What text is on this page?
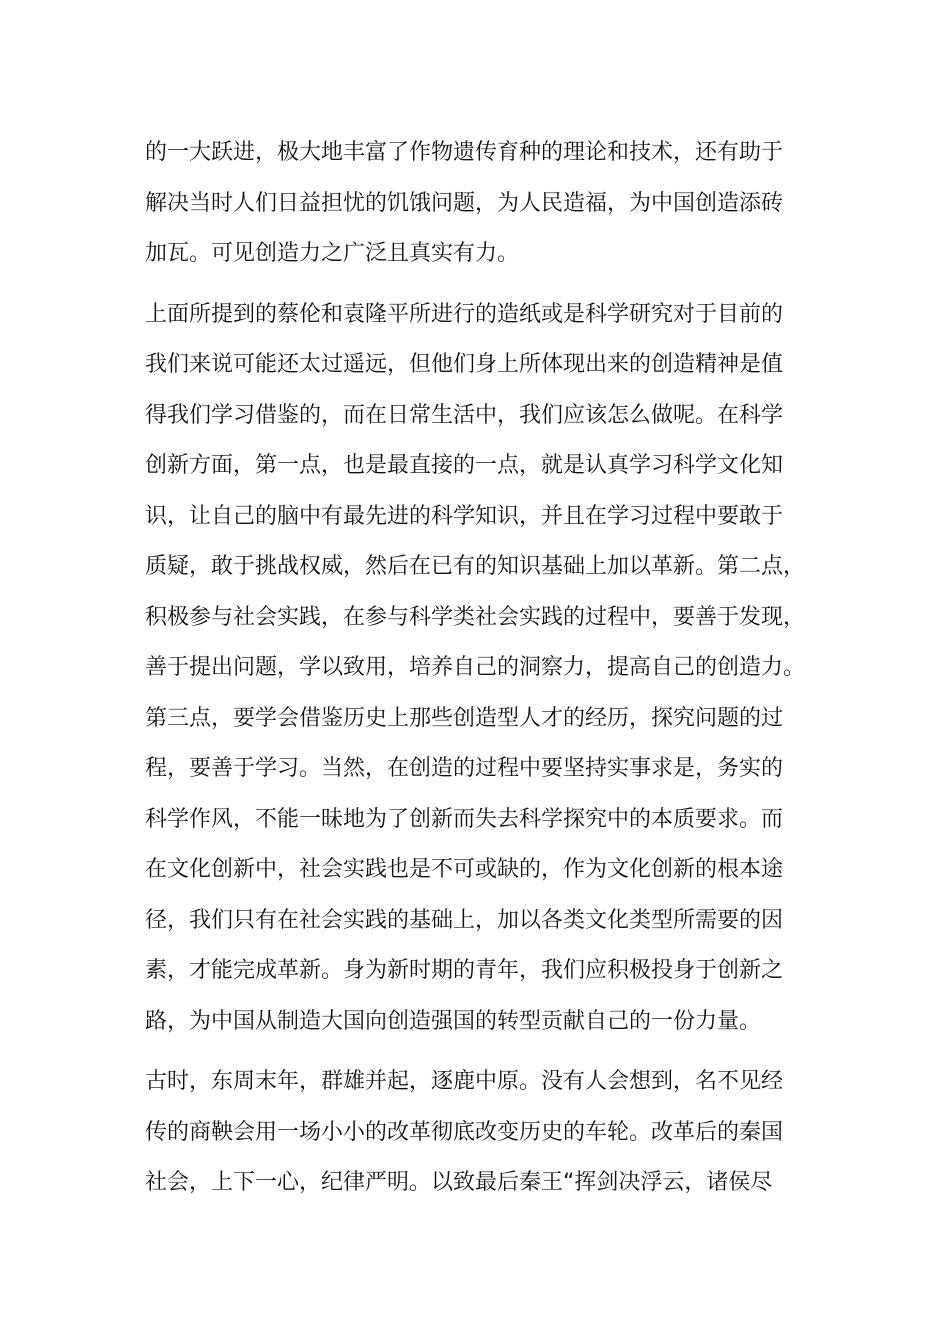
的一大跃进，极大地丰富了作物遗传育种的理论和技术，还有助于
解决当时人们日益担忧的饥饿问题，为人民造福，为中国创造添砖
加瓦。可见创造力之广泛且真实有力。
上面所提到的蔡伦和袁隆平所进行的造纸或是科学研究对于目前的
我们来说可能还太过遥远，但他们身上所体现出来的创造精神是值
得我们学习借鉴的，而在日常生活中，我们应该怎么做呢。在科学
创新方面，第一点，也是最直接的一点，就是认真学习科学文化知
识，让自己的脑中有最先进的科学知识，并且在学习过程中要敢于
质疑，敢于挑战权威，然后在已有的知识基础上加以革新。第二点，
积极参与社会实践，在参与科学类社会实践的过程中，要善于发现，
善于提出问题，学以致用，培养自己的洞察力，提高自己的创造力。
第三点，要学会借鉴历史上那些创造型人才的经历，探究问题的过
程，要善于学习。当然，在创造的过程中要坚持实事求是，务实的
科学作风，不能一昧地为了创新而失去科学探究中的本质要求。而
在文化创新中，社会实践也是不可或缺的，作为文化创新的根本途
径，我们只有在社会实践的基础上，加以各类文化类型所需要的因
素，才能完成革新。身为新时期的青年，我们应积极投身于创新之
路，为中国从制造大国向创造强国的转型贡献自己的一份力量。
古时，东周末年，群雄并起，逐鹿中原。没有人会想到，名不见经
传的商鞅会用一场小小的改革彻底改变历史的车轮。改革后的秦国
社会，上下一心，纪律严明。以致最后秦王“挥剑决浮云，诸侯尽
